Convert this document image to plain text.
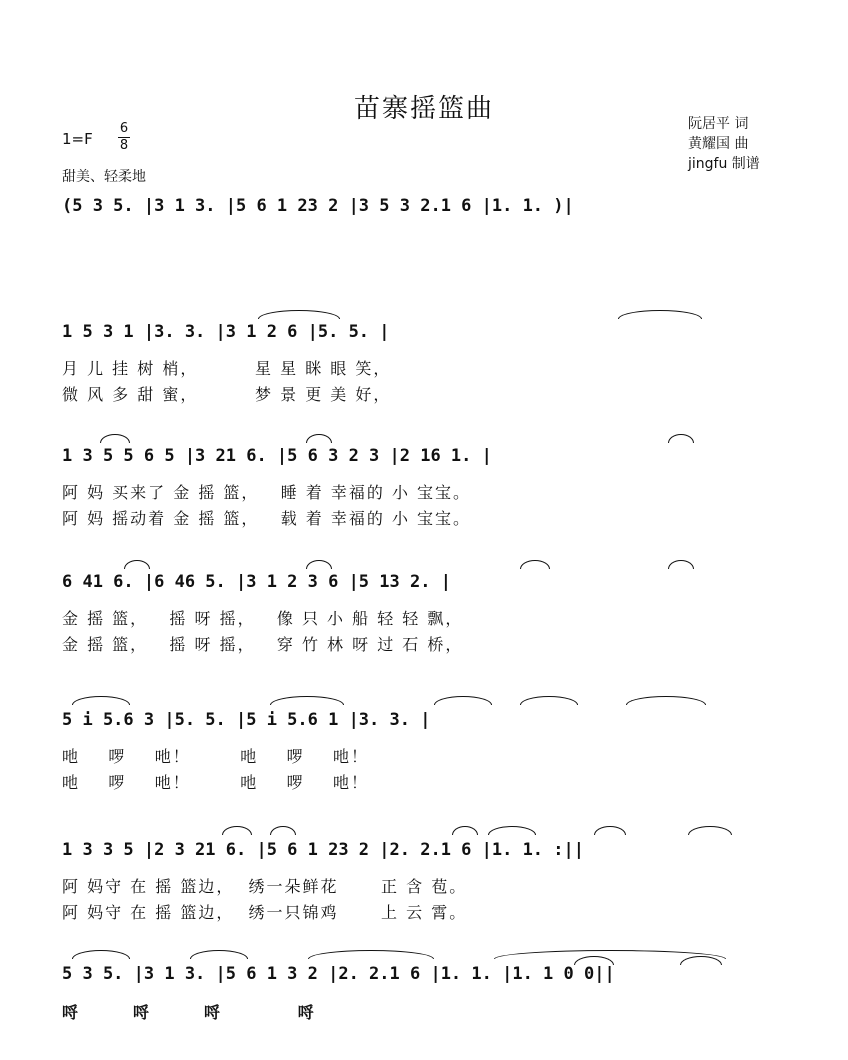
苗寨摇篮曲
1=F
6
8
甜美、轻柔地
阮居平 词
黄耀国 曲
jingfu 制谱
(5 3 5. |3 1 3. |5 6 1 23 2 |3 5 3 2.1 6 |1. 1. )|
1 5 3 1 |3. 3. |3 1 2 6 |5. 5. |
月 儿 挂 树 梢，        星 星 眯 眼 笑，
微 风 多 甜 蜜，        梦 景 更 美 好，
1 3 5 5 6 5 |3 21 6. |5 6 3 2 3 |2 16 1. |
阿 妈 买来了 金 摇 篮，   睡 着 幸福的 小 宝宝。
阿 妈 摇动着 金 摇 篮，   载 着 幸福的 小 宝宝。
6 41 6. |6 46 5. |3 1 2 3 6 |5 13 2. |
金 摇 篮，   摇 呀 摇，   像 只 小 船 轻 轻 飘，
金 摇 篮，   摇 呀 摇，   穿 竹 林 呀 过 石 桥，
5 i 5.6 3 |5. 5. |5 i 5.6 1 |3. 3. |
吔    啰    吔！       吔    啰    吔！
吔    啰    吔！       吔    啰    吔！
1 3 3 5 |2 3 21 6. |5 6 1 23 2 |2. 2.1 6 |1. 1. :||
阿 妈守 在 摇 篮边，  绣一朵鲜花      正 含 苞。
阿 妈守 在 摇 篮边，  绣一只锦鸡      上 云 霄。
5 3 5. |3 1 3. |5 6 1 3 2 |2. 2.1 6 |1. 1. |1. 1 0 0||
哷       哷       哷          哷
